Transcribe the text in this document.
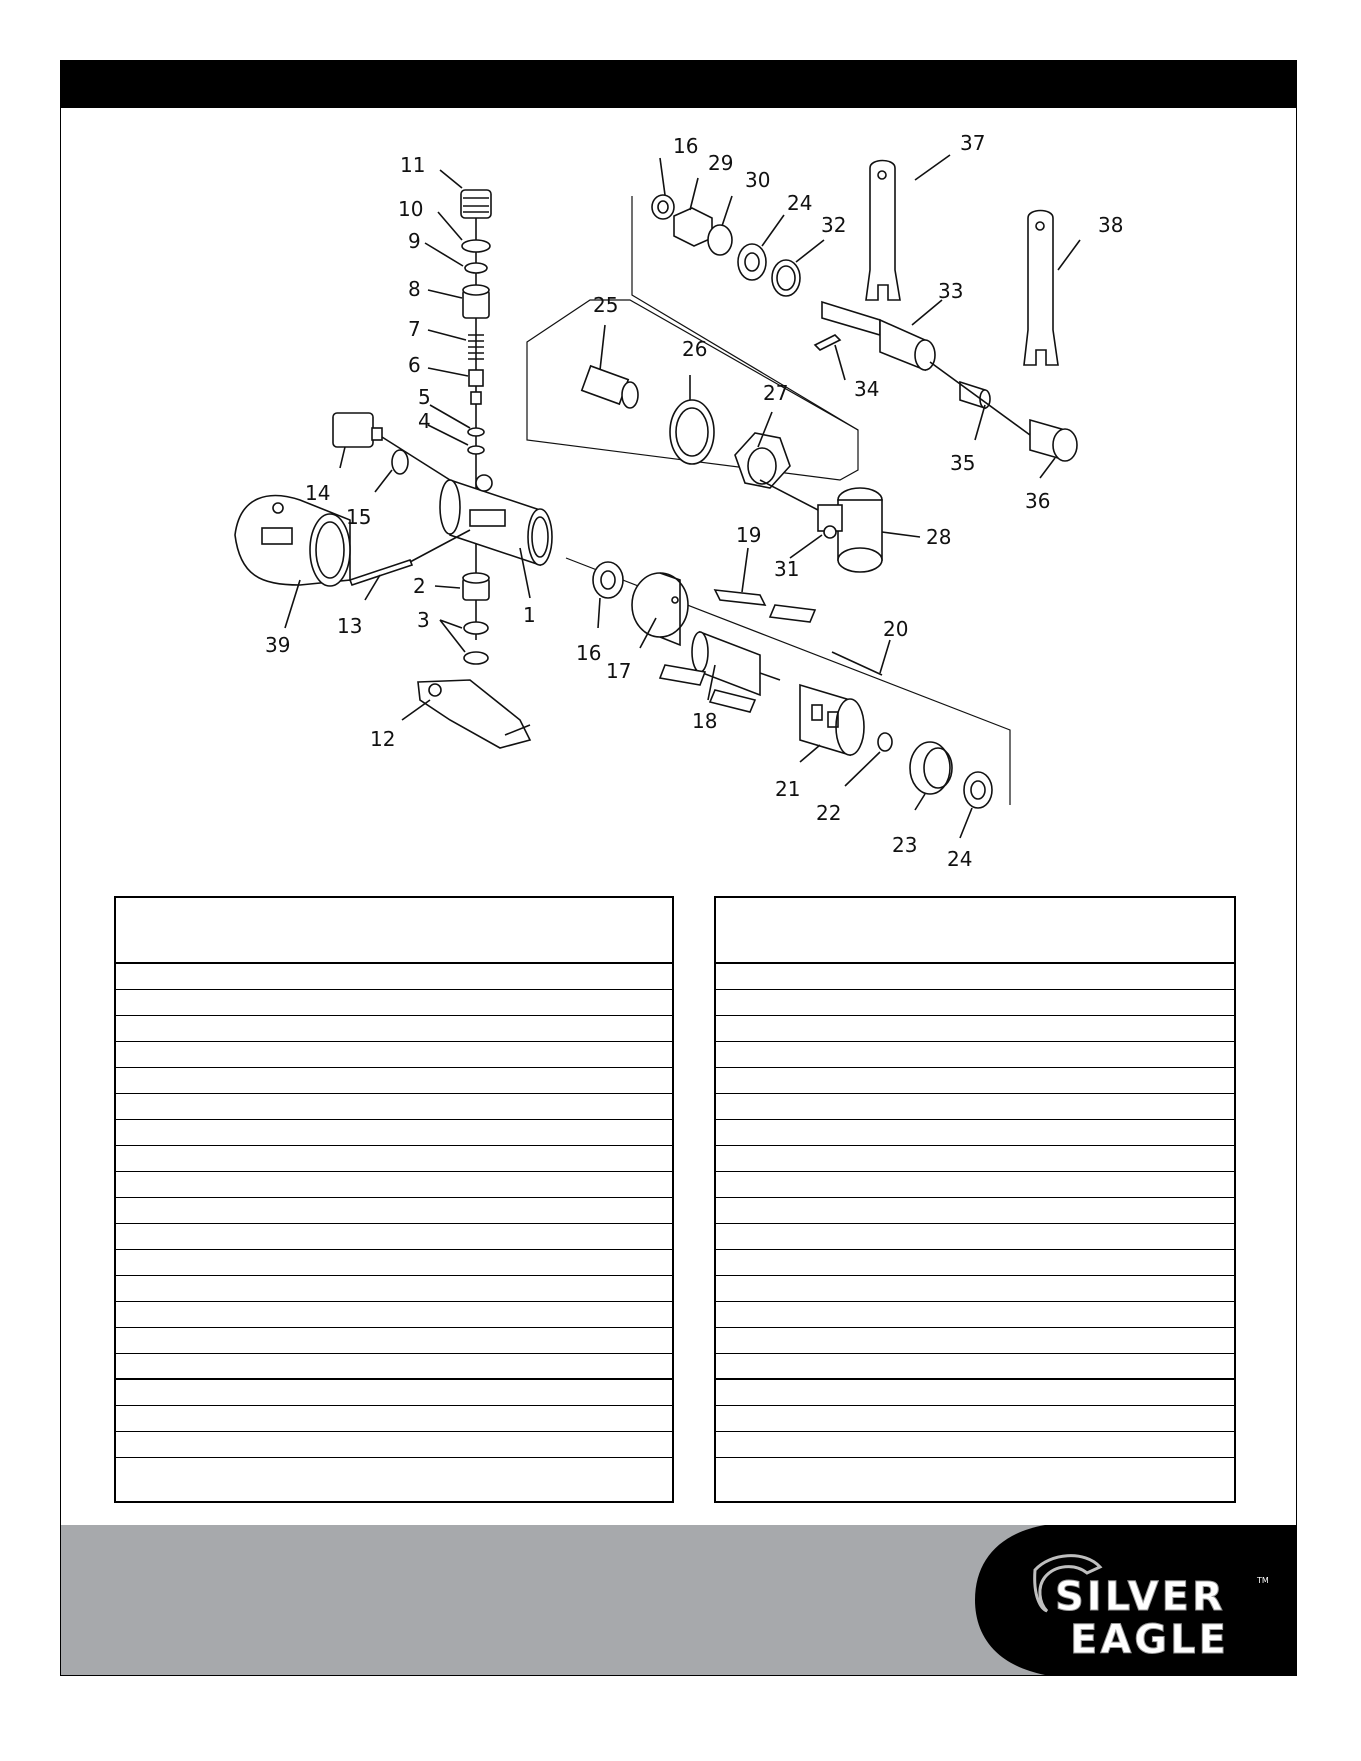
11
10
9
8
7
6
5
4
14
15
13	1
2
3
39
12
16
29
30
24
32
37
38
33
34
35
36
25
26
27
28
31
19
20
16
17
18
21
22
23
24
SILVER
EAGLE
TM
